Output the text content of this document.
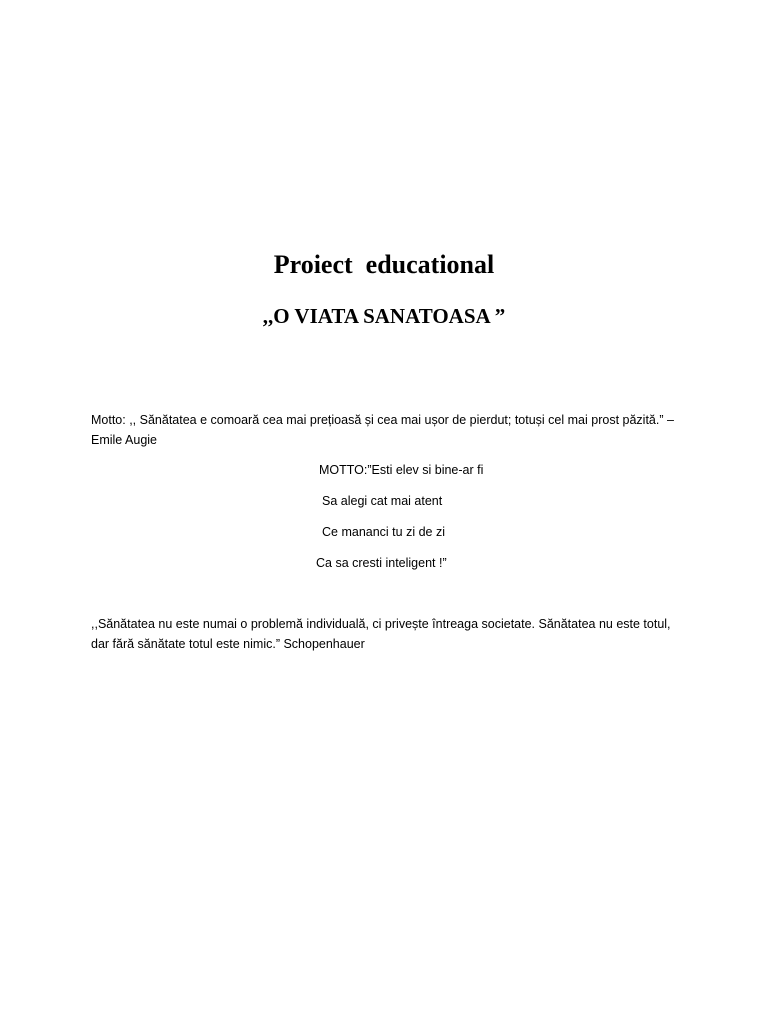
Proiect  educational
,,O VIATA SANATOASA ”
Motto: ,, Sănătatea e comoară cea mai prețioasă și cea mai ușor de pierdut; totuși cel mai prost păzită.” – Emile Augie
MOTTO:”Esti elev si bine-ar fi
Sa alegi cat mai atent
Ce mananci tu zi de zi
Ca sa cresti inteligent !”
,,Sănătatea nu este numai o problemă individuală, ci privește întreaga societate. Sănătatea nu este totul, dar fără sănătate totul este nimic.” Schopenhauer
